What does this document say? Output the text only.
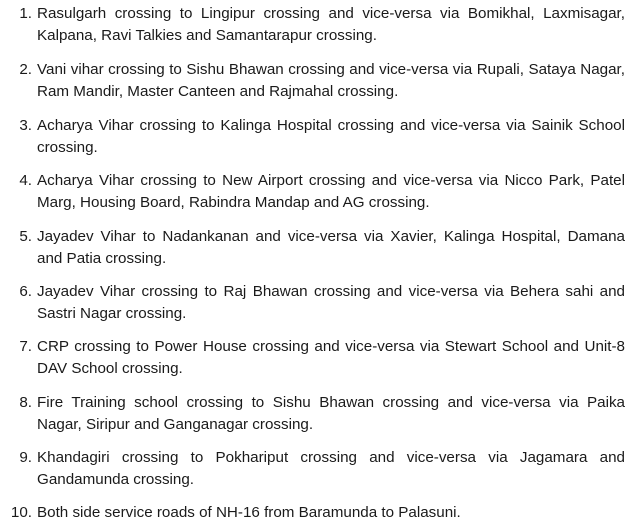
1. Rasulgarh crossing to Lingipur crossing and vice-versa via Bomikhal, Laxmisagar, Kalpana, Ravi Talkies and Samantarapur crossing.
2. Vani vihar crossing to Sishu Bhawan crossing and vice-versa via Rupali, Sataya Nagar, Ram Mandir, Master Canteen and Rajmahal crossing.
3. Acharya Vihar crossing to Kalinga Hospital crossing and vice-versa via Sainik School crossing.
4. Acharya Vihar crossing to New Airport crossing and vice-versa via Nicco Park, Patel Marg, Housing Board, Rabindra Mandap and AG crossing.
5. Jayadev Vihar to Nadankanan and vice-versa via Xavier, Kalinga Hospital, Damana and Patia crossing.
6. Jayadev Vihar crossing to Raj Bhawan crossing and vice-versa via Behera sahi and Sastri Nagar crossing.
7. CRP crossing to Power House crossing and vice-versa via Stewart School and Unit-8 DAV School crossing.
8. Fire Training school crossing to Sishu Bhawan crossing and vice-versa via Paika Nagar, Siripur and Ganganagar crossing.
9. Khandagiri crossing to Pokhariput crossing and vice-versa via Jagamara and Gandamunda crossing.
10. Both side service roads of NH-16 from Baramunda to Palasuni.
